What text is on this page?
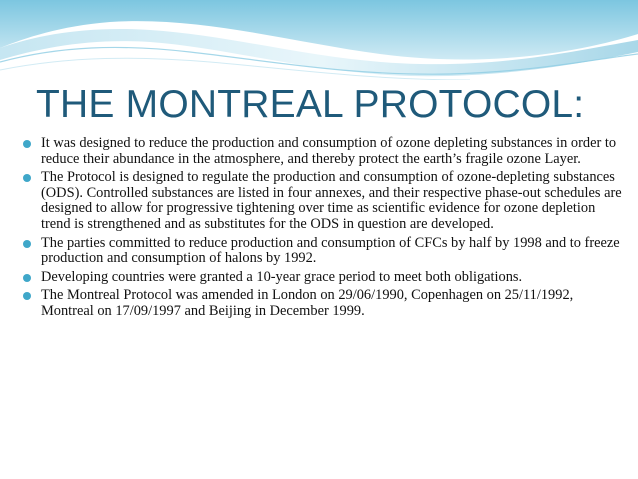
THE MONTREAL PROTOCOL:
It was designed to reduce the production and consumption of ozone depleting substances in order to reduce their abundance in the atmosphere, and thereby protect the earth’s fragile ozone Layer.
The Protocol is designed to regulate the production and consumption of ozone-depleting substances (ODS). Controlled substances are listed in four annexes, and their respective phase-out schedules are designed to allow for progressive tightening over time as scientific evidence for ozone depletion trend is strengthened and as substitutes for the ODS in question are developed.
The parties committed to reduce production and consumption of CFCs by half by 1998 and to freeze production and consumption of halons by 1992.
Developing countries were granted a 10-year grace period to meet both obligations.
The Montreal Protocol was amended in London on 29/06/1990, Copenhagen on 25/11/1992, Montreal on 17/09/1997 and Beijing in December 1999.
